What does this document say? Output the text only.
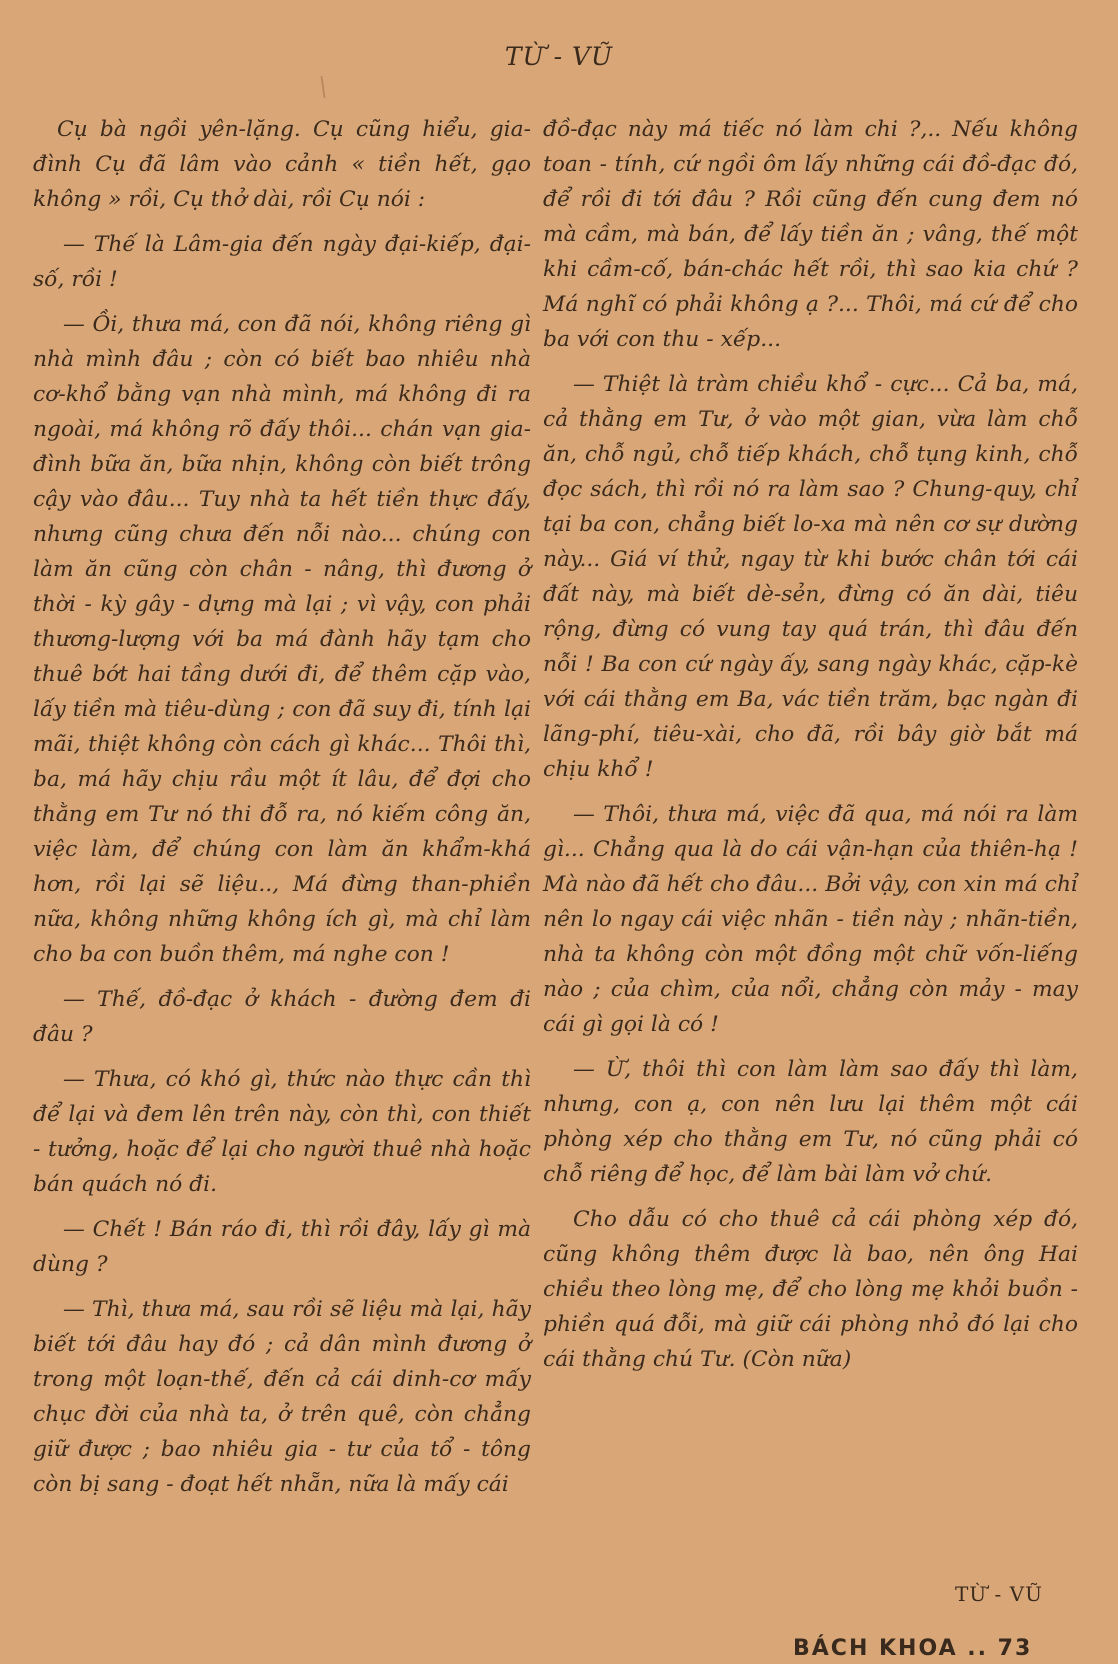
TỪ - VŨ

Cụ bà ngồi yên-lặng. Cụ cũng hiểu, gia-đình Cụ đã lâm vào cảnh « tiền hết, gạo không » rồi, Cụ thở dài, rồi Cụ nói :

— Thế là Lâm-gia đến ngày đại-kiếp, đại-số, rồi !

— Ồi, thưa má, con đã nói, không riêng gì nhà mình đâu ; còn có biết bao nhiêu nhà cơ-khổ bằng vạn nhà mình, má không đi ra ngoài, má không rõ đấy thôi... chán vạn gia-đình bữa ăn, bữa nhịn, không còn biết trông cậy vào đâu... Tuy nhà ta hết tiền thực đấy, nhưng cũng chưa đến nỗi nào... chúng con làm ăn cũng còn chân - nâng, thì đương ở thời - kỳ gây - dựng mà lại ; vì vậy, con phải thương-lượng với ba má đành hãy tạm cho thuê bớt hai tầng dưới đi, để thêm cặp vào, lấy tiền mà tiêu-dùng ; con đã suy đi, tính lại mãi, thiệt không còn cách gì khác... Thôi thì, ba, má hãy chịu rầu một ít lâu, để đợi cho thằng em Tư nó thi đỗ ra, nó kiếm công ăn, việc làm, để chúng con làm ăn khẩm-khá hơn, rồi lại sẽ liệu.., Má đừng than-phiền nữa, không những không ích gì, mà chỉ làm cho ba con buồn thêm, má nghe con !

— Thế, đồ-đạc ở khách - đường đem đi đâu ?

— Thưa, có khó gì, thức nào thực cần thì để lại và đem lên trên này, còn thì, con thiết - tưởng, hoặc để lại cho người thuê nhà hoặc bán quách nó đi.

— Chết ! Bán ráo đi, thì rồi đây, lấy gì mà dùng ?

— Thì, thưa má, sau rồi sẽ liệu mà lại, hãy biết tới đâu hay đó ; cả dân mình đương ở trong một loạn-thế, đến cả cái dinh-cơ mấy chục đời của nhà ta, ở trên quê, còn chẳng giữ được ; bao nhiêu gia - tư của tổ - tông còn bị sang - đoạt hết nhẵn, nữa là mấy cái

đồ-đạc này má tiếc nó làm chi ?,.. Nếu không toan - tính, cứ ngồi ôm lấy những cái đồ-đạc đó, để rồi đi tới đâu ? Rồi cũng đến cung đem nó mà cầm, mà bán, để lấy tiền ăn ; vâng, thế một khi cầm-cố, bán-chác hết rồi, thì sao kia chứ ? Má nghĩ có phải không ạ ?... Thôi, má cứ để cho ba với con thu - xếp...

— Thiệt là tràm chiều khổ - cực... Cả ba, má, cả thằng em Tư, ở vào một gian, vừa làm chỗ ăn, chỗ ngủ, chỗ tiếp khách, chỗ tụng kinh, chỗ đọc sách, thì rồi nó ra làm sao ? Chung-quy, chỉ tại ba con, chẳng biết lo-xa mà nên cơ sự dường này... Giá ví thử, ngay từ khi bước chân tới cái đất này, mà biết dè-sẻn, đừng có ăn dài, tiêu rộng, đừng có vung tay quá trán, thì đâu đến nỗi ! Ba con cứ ngày ấy, sang ngày khác, cặp-kè với cái thằng em Ba, vác tiền trăm, bạc ngàn đi lãng-phí, tiêu-xài, cho đã, rồi bây giờ bắt má chịu khổ !

— Thôi, thưa má, việc đã qua, má nói ra làm gì... Chẳng qua là do cái vận-hạn của thiên-hạ ! Mà nào đã hết cho đâu... Bởi vậy, con xin má chỉ nên lo ngay cái việc nhãn - tiền này ; nhãn-tiền, nhà ta không còn một đồng một chữ vốn-liếng nào ; của chìm, của nổi, chẳng còn mảy - may cái gì gọi là có !

— Ừ, thôi thì con làm làm sao đấy thì làm, nhưng, con ạ, con nên lưu lại thêm một cái phòng xép cho thằng em Tư, nó cũng phải có chỗ riêng để học, để làm bài làm vở chứ.

Cho dẫu có cho thuê cả cái phòng xép đó, cũng không thêm được là bao, nên ông Hai chiều theo lòng mẹ, để cho lòng mẹ khỏi buồn - phiền quá đỗi, mà giữ cái phòng nhỏ đó lại cho cái thằng chú Tư. (Còn nữa)

TỪ - VŨ
BÁCH KHOA .. 73
